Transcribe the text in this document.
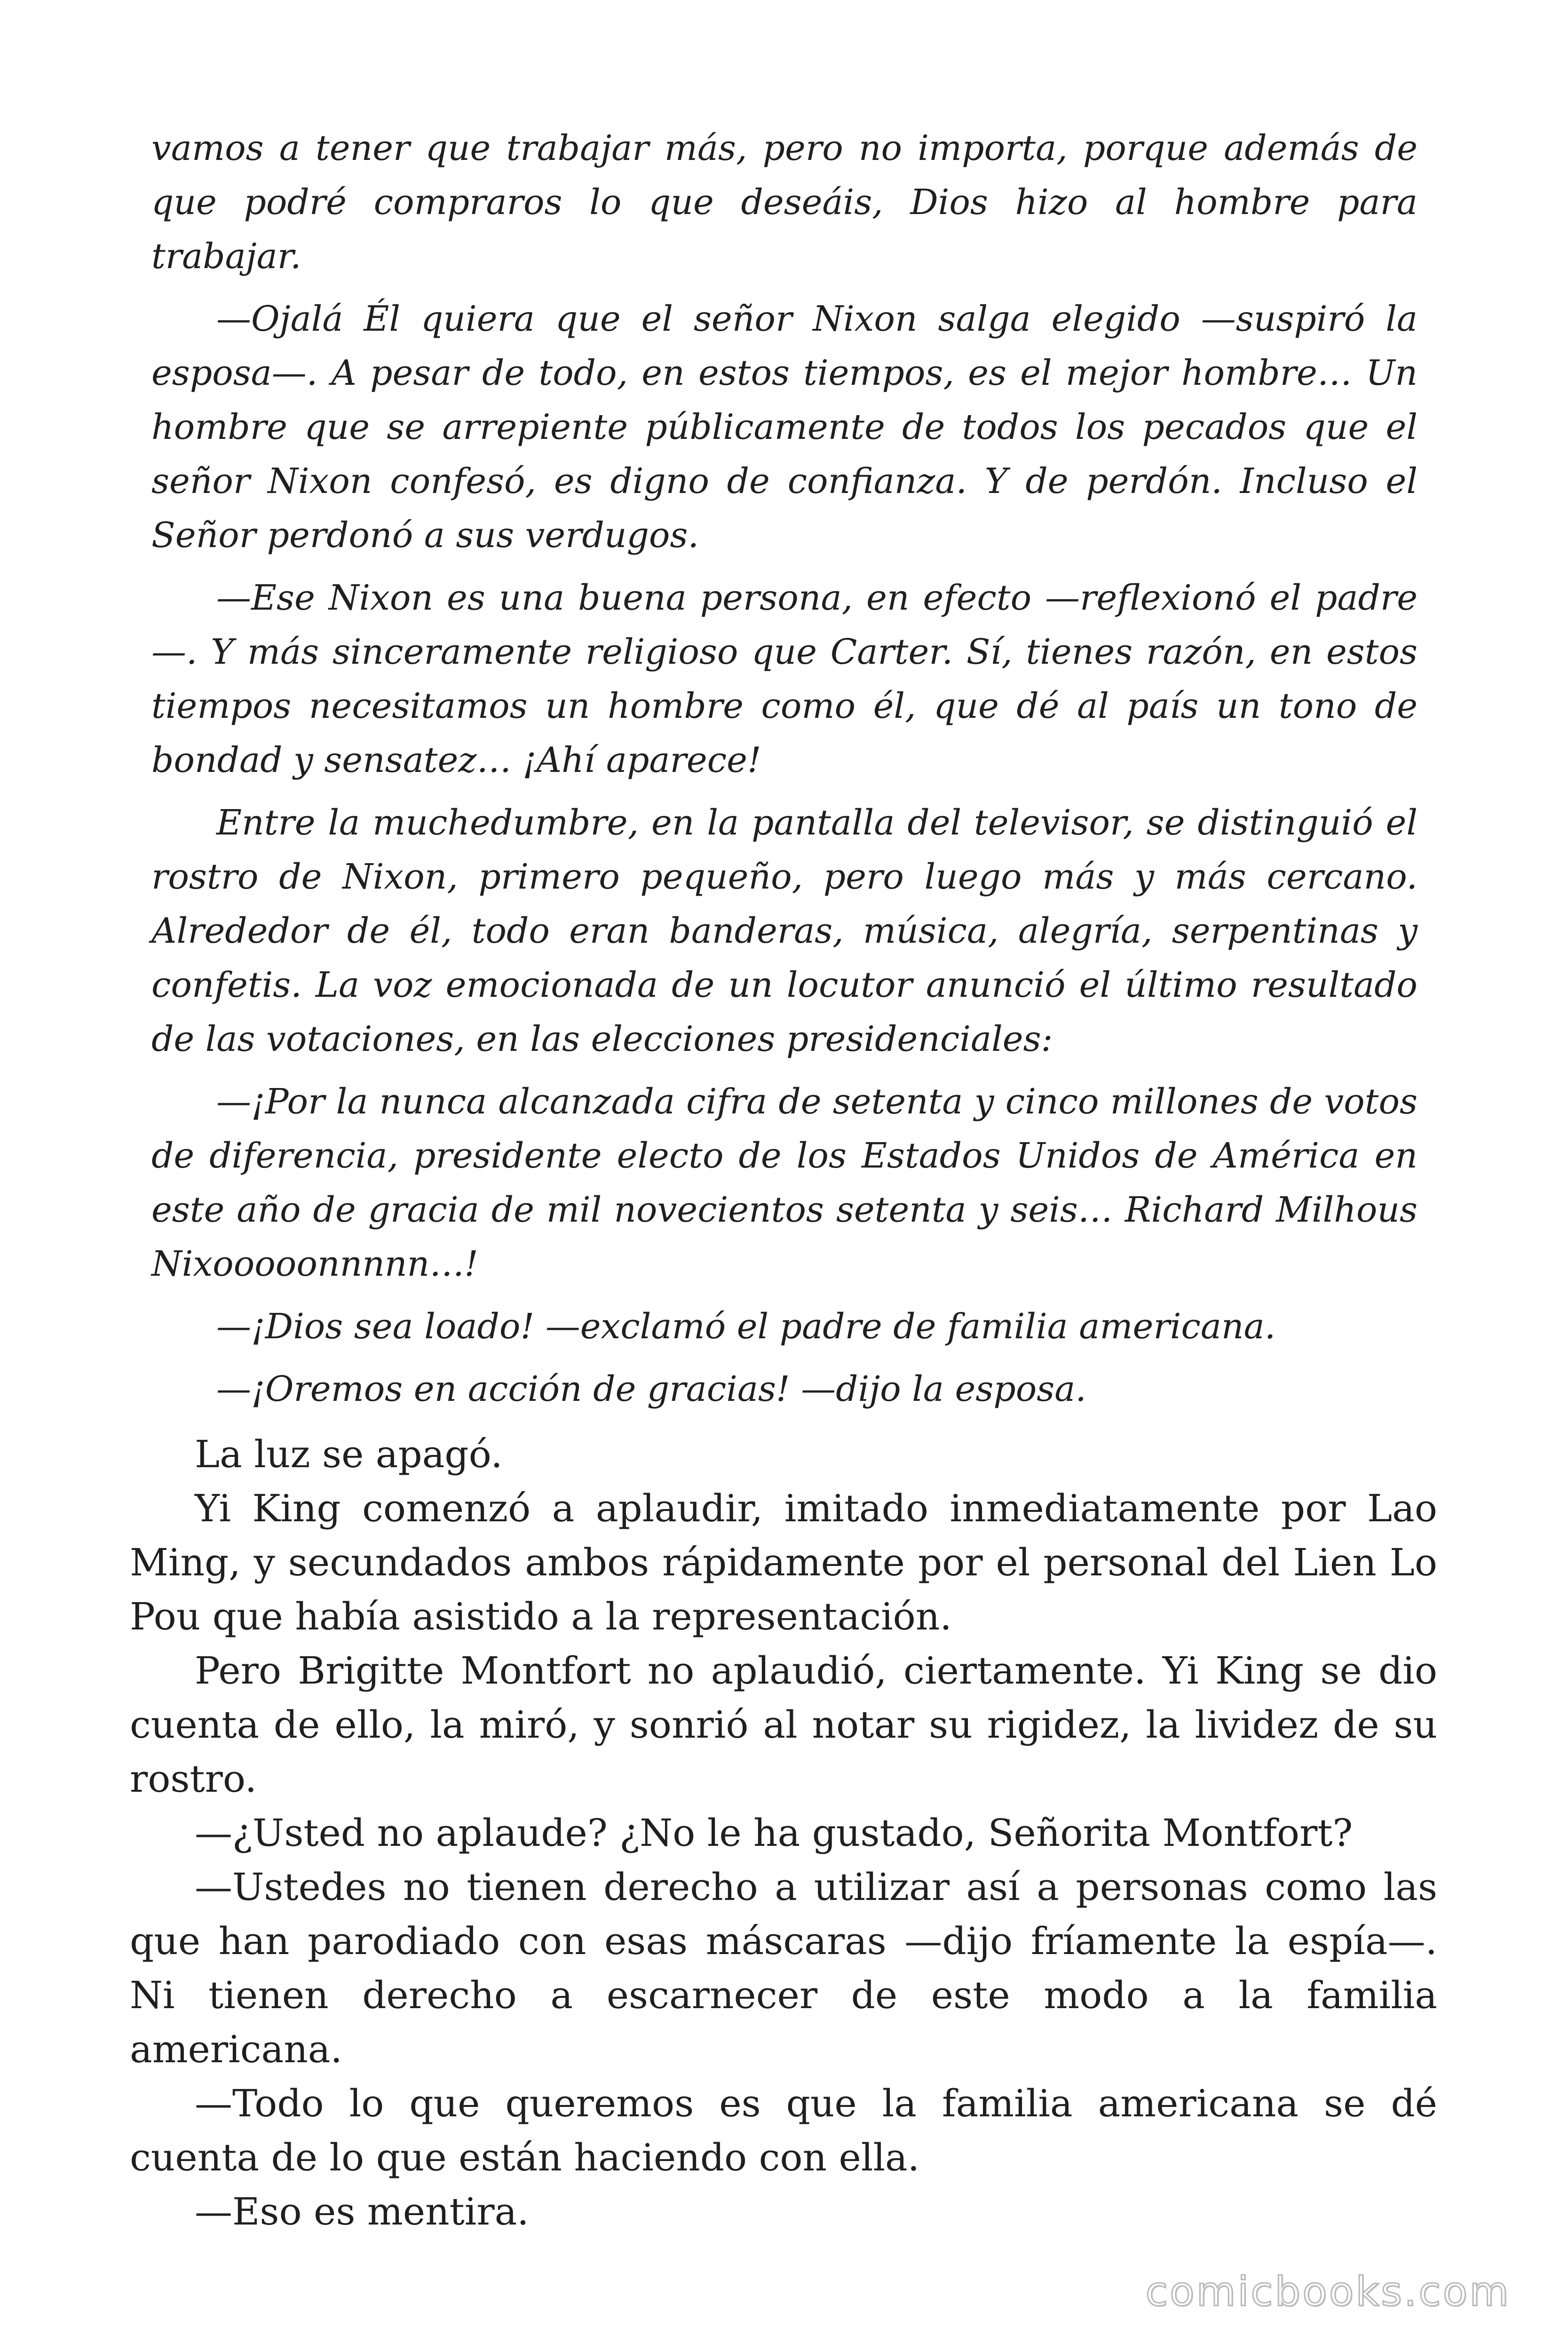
vamos a tener que trabajar más, pero no importa, porque además de que podré compraros lo que deseáis, Dios hizo al hombre para trabajar.

—Ojalá Él quiera que el señor Nixon salga elegido —suspiró la esposa—. A pesar de todo, en estos tiempos, es el mejor hombre… Un hombre que se arrepiente públicamente de todos los pecados que el señor Nixon confesó, es digno de confianza. Y de perdón. Incluso el Señor perdonó a sus verdugos.

—Ese Nixon es una buena persona, en efecto —reflexionó el padre —. Y más sinceramente religioso que Carter. Sí, tienes razón, en estos tiempos necesitamos un hombre como él, que dé al país un tono de bondad y sensatez… ¡Ahí aparece!

Entre la muchedumbre, en la pantalla del televisor, se distinguió el rostro de Nixon, primero pequeño, pero luego más y más cercano. Alrededor de él, todo eran banderas, música, alegría, serpentinas y confetis. La voz emocionada de un locutor anunció el último resultado de las votaciones, en las elecciones presidenciales:

—¡Por la nunca alcanzada cifra de setenta y cinco millones de votos de diferencia, presidente electo de los Estados Unidos de América en este año de gracia de mil novecientos setenta y seis… Richard Milhous Nixooooonnnnn…!

—¡Dios sea loado! —exclamó el padre de familia americana.

—¡Oremos en acción de gracias! —dijo la esposa.

La luz se apagó.

Yi King comenzó a aplaudir, imitado inmediatamente por Lao Ming, y secundados ambos rápidamente por el personal del Lien Lo Pou que había asistido a la representación.

Pero Brigitte Montfort no aplaudió, ciertamente. Yi King se dio cuenta de ello, la miró, y sonrió al notar su rigidez, la lividez de su rostro.

—¿Usted no aplaude? ¿No le ha gustado, Señorita Montfort?

—Ustedes no tienen derecho a utilizar así a personas como las que han parodiado con esas máscaras —dijo fríamente la espía—. Ni tienen derecho a escarnecer de este modo a la familia americana.

—Todo lo que queremos es que la familia americana se dé cuenta de lo que están haciendo con ella.

—Eso es mentira.

comicbooks.com
